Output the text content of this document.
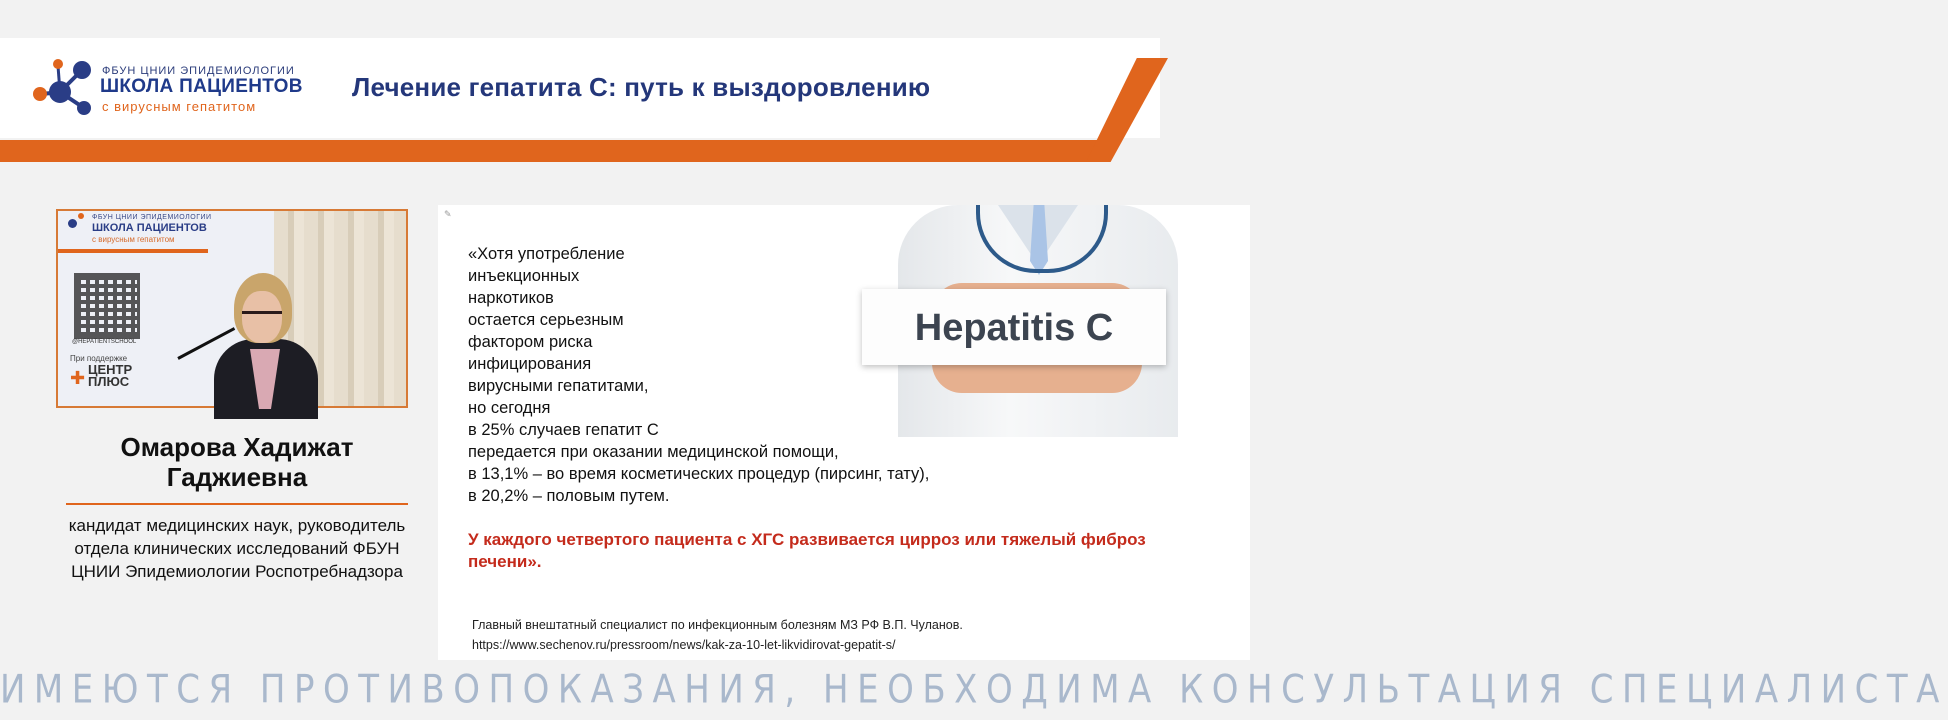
ФБУН ЦНИИ ЭПИДЕМИОЛОГИИ
ШКОЛА ПАЦИЕНТОВ
с вирусным гепатитом
Лечение гепатита С: путь к выздоровлению
ФБУН ЦНИИ ЭПИДЕМИОЛОГИИ
ШКОЛА ПАЦИЕНТОВ
с вирусным гепатитом
@HEPATIENTSCHOOL
При поддержке
✚ ЦЕНТР
ПЛЮС
Омарова Хадижат Гаджиевна
кандидат медицинских наук, руководитель отдела клинических исследований ФБУН ЦНИИ Эпидемиологии Роспотребнадзора
✎
Hepatitis C
«Хотя употребление
инъекционных
наркотиков
остается серьезным
фактором риска
инфицирования
вирусными гепатитами,
но сегодня
в 25% случаев гепатит С
передается при оказании медицинской помощи,
в 13,1% – во время косметических процедур (пирсинг, тату),
в 20,2% – половым путем.
У каждого четвертого пациента с ХГС развивается цирроз или тяжелый фиброз печени».
Главный внештатный специалист по инфекционным болезням МЗ РФ В.П. Чуланов.
https://www.sechenov.ru/pressroom/news/kak-za-10-let-likvidirovat-gepatit-s/
ИМЕЮТСЯ ПРОТИВОПОКАЗАНИЯ, НЕОБХОДИМА КОНСУЛЬТАЦИЯ СПЕЦИАЛИСТА
